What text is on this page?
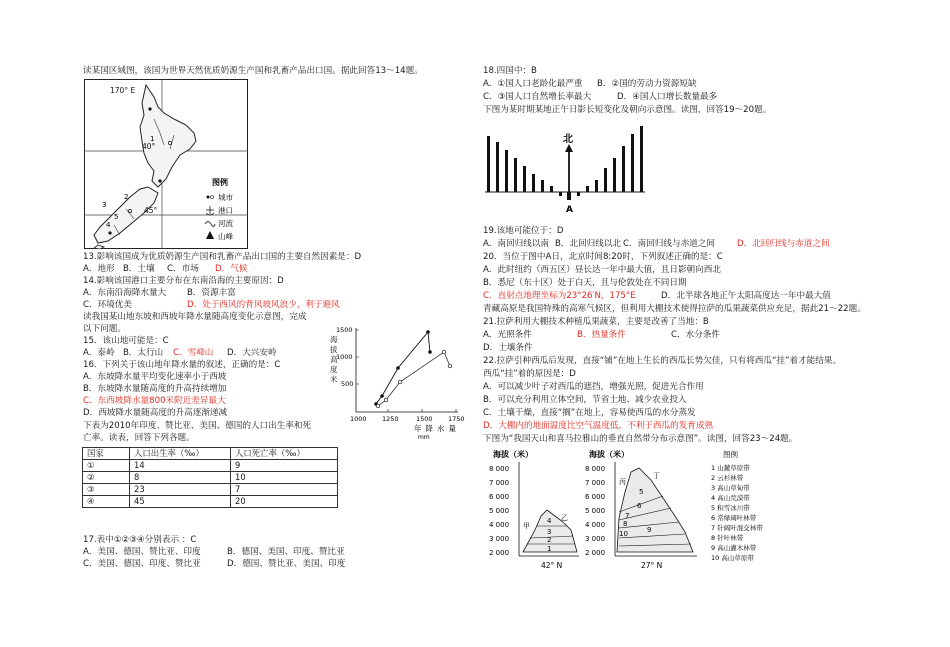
读某国区域图，该国为世界天然优质奶源生产国和乳畜产品出口国。据此回答13～14题。
170° E
40°
45°
1
2
3
4
5
图例
城市
港口
河流
山峰
13.影响该国成为优质奶源生产国和乳畜产品出口国的主要自然因素是：D
A．地形 B．土壤 C．市场 D．气候
14.影响该国港口主要分布在东南沿海的主要原因：D
A．东南沿海降水量大 B．资源丰富
C．环境优美	D．处于西风的背风坡风浪少，利于避风
读我国某山地东坡和西坡年降水量随高度变化示意图，完成
以下问题。
15．该山地可能是：C
A．泰岭 B．太行山 C．雪峰山 D．大兴安岭
16．下列关于该山地年降水量的叙述，正确的是：C
A．东坡降水量平均变化速率小于西坡
B．东坡降水量随高度的升高持续增加
C．东西坡降水量800米附近差异最大
D．西坡降水量随高度的升高逐渐递减
下表为2010年印度、赞比亚、美国、德国的人口出生率和死
亡率。读表，回答下列各题。
国家	人口出生率（‰）	人口死亡率（‰）
①	14	9
②	8	10
③	23	7
④	45	20
17.表中①②③④分别表示 ：C
A．美国、德国、赞比亚、印度	B．德国、美国、印度、赞比亚
C．美国、德国、印度、赞比亚	D．德国、赞比亚、美国、印度
海拔高度米
1500
1000
500
1000 1250	1500 1750
年降水量
mm
18.四国中：B
A．①国人口老龄化最严重 B．②国的劳动力资源短缺
C．③国人口自然增长率最大	D．④国人口增长数量最多
下图为某时期某地正午日影长短变化及朝向示意图。读图，回答19～20题。
北
A
19.该地可能位于：D
A．南回归线以南 B．北回归线以北 C．南回归线与赤道之间	D．北回归线与赤道之间
20．当位于图中A日，北京时间8:20时，下列叙述正确的是：C
A．此时纽约（西五区）昼长达一年中最大值，且日影朝向西北
B．悉尼（东十区）处于白天，且与伦敦处在不同日期
C．直射点地理坐标为23°26′N，175°E	D．北半球各地正午太阳高度达一年中最大值
青藏高原是我国特殊的高寒气候区，但利用大棚技术使得拉萨的瓜果蔬菜供应充足，据此21～22题。
21.拉萨利用大棚技术种植瓜果蔬菜，主要是改善了当地：B
A．光照条件	B．热量条件	C．水分条件
D．土壤条件
22.拉萨引种西瓜后发现，直接“铺”在地上生长的西瓜长势欠佳，只有将西瓜“挂”着才能结果。
西瓜“挂”着的原因是：D
A．可以减少叶子对西瓜的遮挡，增强光照，促进光合作用
B．可以充分利用立体空间，节省土地、减少农业投入
C．土壤干燥，直接“搁”在地上，容易使西瓜的水分蒸发
D．大棚内的地面温度比空气温度低，不利于西瓜的发育成熟
下图为“我国天山和喜马拉雅山的垂直自然带分布示意图”。读图，回答23～24题。
海拔（米）
8 000
7 000
6 000
5 000
4 000
3 000
2 000	1
2
3
4
甲
乙
42° N
海拔（米）
8 000
7 000
6 000
5 000
4 000
3 000
2 000
5
6
7
8
9
10
丙
丁
27° N
图例
1 山麓草原带
2 云杉林带
3 高山草甸带
4 高山荒漠带
5 积雪冰川带
6 常绿阔叶林带
7 针阔叶混交林带
8 针叶林带
9 高山灌木林带
10 高山草原带
